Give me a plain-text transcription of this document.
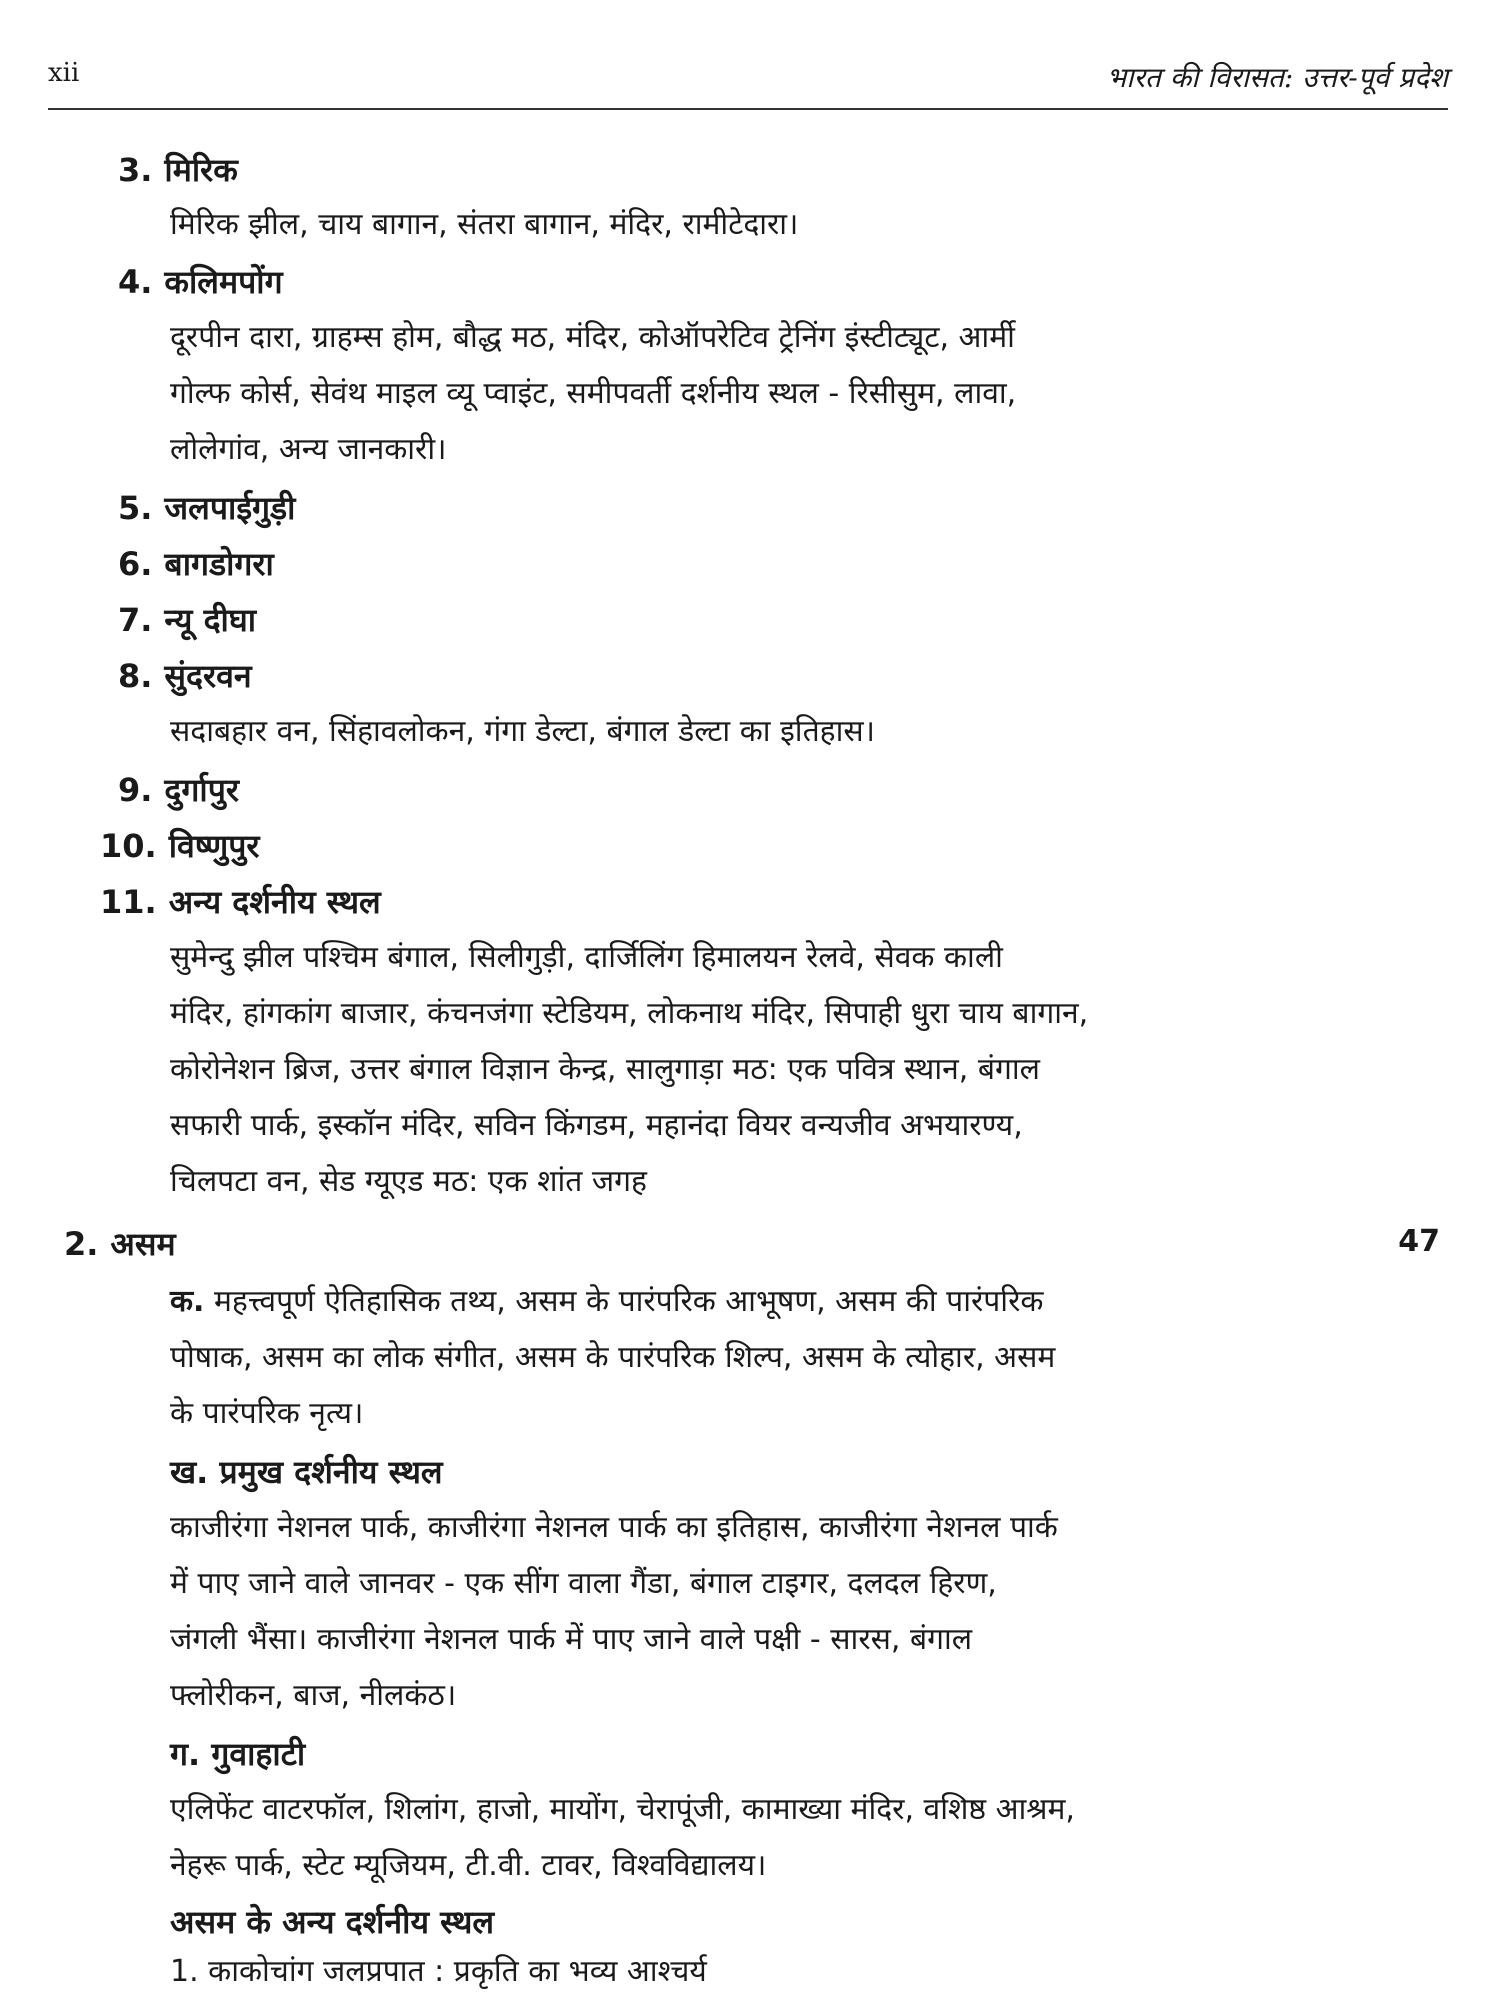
xii	भारत की विरासत: उत्तर-पूर्व प्रदेश
3. मिरिक
मिरिक झील, चाय बागान, संतरा बागान, मंदिर, रामीटेदारा।
4. कलिमपोंग
दूरपीन दारा, ग्राहम्स होम, बौद्ध मठ, मंदिर, कोऑपरेटिव ट्रेनिंग इंस्टीट्यूट, आर्मी
गोल्फ कोर्स, सेवंथ माइल व्यू प्वाइंट, समीपवर्ती दर्शनीय स्थल - रिसीसुम, लावा,
लोलेगांव, अन्य जानकारी।
5. जलपाईगुड़ी
6. बागडोगरा
7. न्यू दीघा
8. सुंदरवन
सदाबहार वन, सिंहावलोकन, गंगा डेल्टा, बंगाल डेल्टा का इतिहास।
9. दुर्गापुर
10. विष्णुपुर
11. अन्य दर्शनीय स्थल
सुमेन्दु झील पश्चिम बंगाल, सिलीगुड़ी, दार्जिलिंग हिमालयन रेलवे, सेवक काली
मंदिर, हांगकांग बाजार, कंचनजंगा स्टेडियम, लोकनाथ मंदिर, सिपाही धुरा चाय बागान,
कोरोनेशन ब्रिज, उत्तर बंगाल विज्ञान केन्द्र, सालुगाड़ा मठ: एक पवित्र स्थान, बंगाल
सफारी पार्क, इस्कॉन मंदिर, सविन किंगडम, महानंदा वियर वन्यजीव अभयारण्य,
चिलपटा वन, सेड ग्यूएड मठ: एक शांत जगह
2. असम	47
क. महत्त्वपूर्ण ऐतिहासिक तथ्य, असम के पारंपरिक आभूषण, असम की पारंपरिक
पोषाक, असम का लोक संगीत, असम के पारंपरिक शिल्प, असम के त्योहार, असम
के पारंपरिक नृत्य।
ख. प्रमुख दर्शनीय स्थल
काजीरंगा नेशनल पार्क, काजीरंगा नेशनल पार्क का इतिहास, काजीरंगा नेशनल पार्क
में पाए जाने वाले जानवर - एक सींग वाला गैंडा, बंगाल टाइगर, दलदल हिरण,
जंगली भैंसा। काजीरंगा नेशनल पार्क में पाए जाने वाले पक्षी - सारस, बंगाल
फ्लोरीकन, बाज, नीलकंठ।
ग. गुवाहाटी
एलिफेंट वाटरफॉल, शिलांग, हाजो, मायोंग, चेरापूंजी, कामाख्या मंदिर, वशिष्ठ आश्रम,
नेहरू पार्क, स्टेट म्यूजियम, टी.वी. टावर, विश्वविद्यालय।
असम के अन्य दर्शनीय स्थल
1. काकोचांग जलप्रपात : प्रकृति का भव्य आश्चर्य
